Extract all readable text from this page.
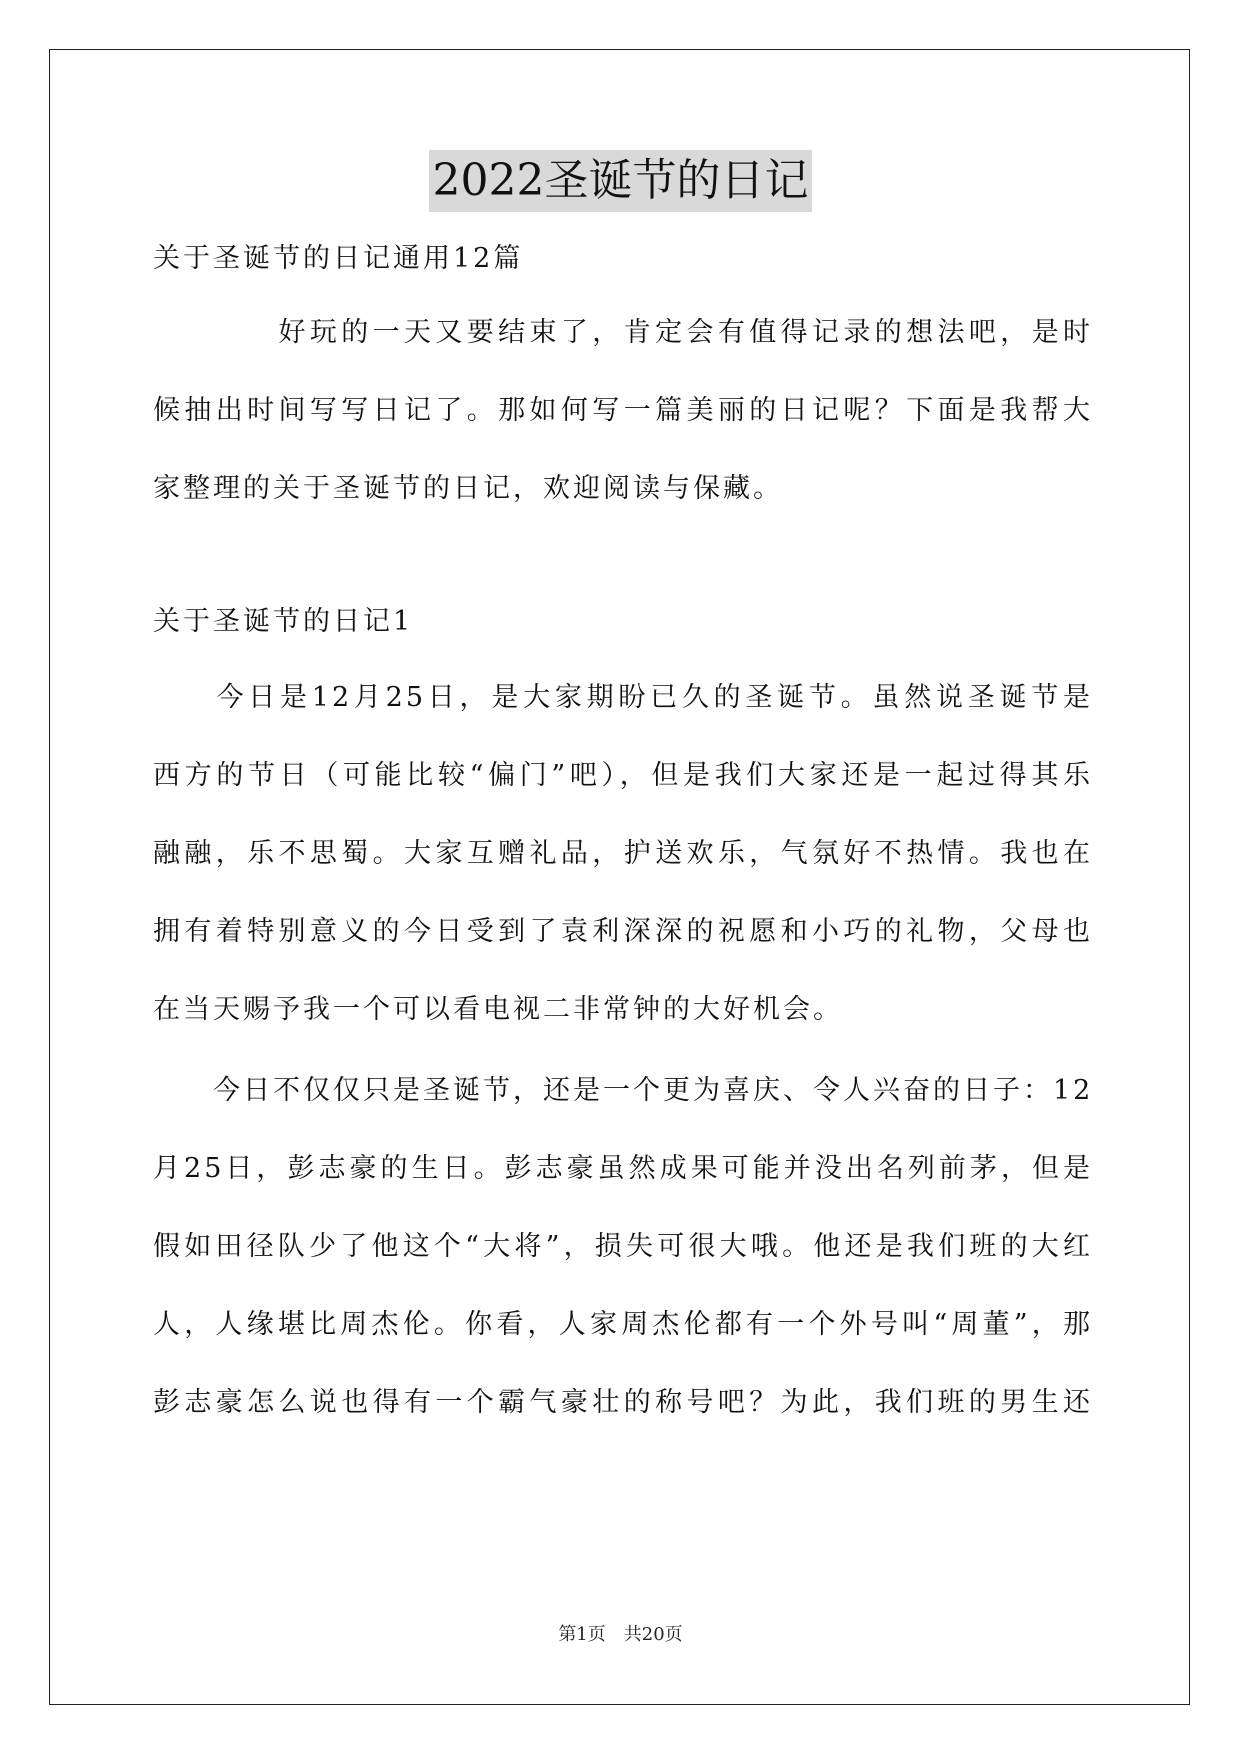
2022圣诞节的日记
关于圣诞节的日记通用12篇
　　　　好玩的一天又要结束了，肯定会有值得记录的想法吧，是时
候抽出时间写写日记了。那如何写一篇美丽的日记呢？下面是我帮大
家整理的关于圣诞节的日记，欢迎阅读与保藏。
关于圣诞节的日记1
　　今日是12月25日，是大家期盼已久的圣诞节。虽然说圣诞节是
西方的节日（可能比较“偏门”吧），但是我们大家还是一起过得其乐
融融，乐不思蜀。大家互赠礼品，护送欢乐，气氛好不热情。我也在
拥有着特别意义的今日受到了袁利深深的祝愿和小巧的礼物，父母也
在当天赐予我一个可以看电视二非常钟的大好机会。
　　今日不仅仅只是圣诞节，还是一个更为喜庆、令人兴奋的日子：12
月25日，彭志豪的生日。彭志豪虽然成果可能并没出名列前茅，但是
假如田径队少了他这个“大将”，损失可很大哦。他还是我们班的大红
人，人缘堪比周杰伦。你看，人家周杰伦都有一个外号叫“周董”，那
彭志豪怎么说也得有一个霸气豪壮的称号吧？为此，我们班的男生还
第1页　共20页
